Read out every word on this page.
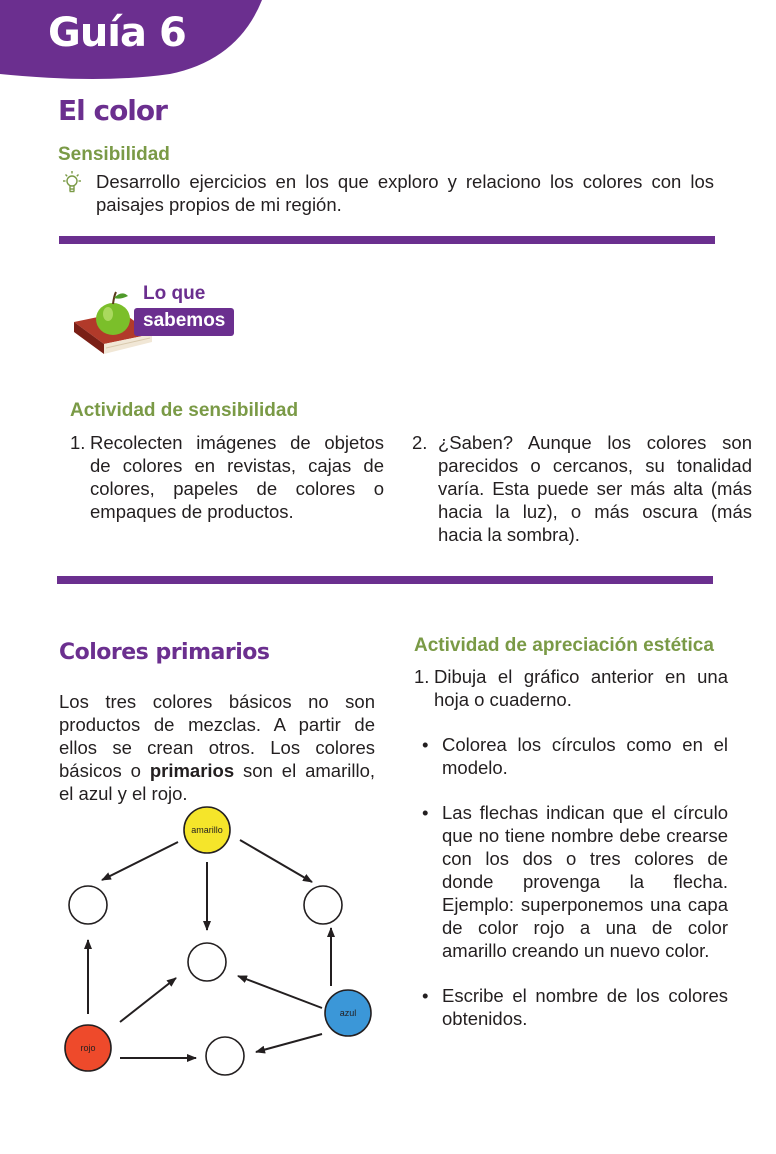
Guía 6
El color
Sensibilidad
Desarrollo ejercicios en los que exploro y relaciono los colores con los paisajes propios de mi región.
Lo que
sabemos
Actividad de sensibilidad
1. Recolecten imágenes de objetos de colores en revistas, cajas de colores, papeles de colores o empaques de productos.
2. ¿Saben? Aunque los colores son parecidos o cercanos, su tonalidad varía. Esta puede ser más alta (más hacia la luz), o más oscura (más hacia la sombra).
Colores primarios
Los tres colores básicos no son productos de mezclas. A partir de ellos se crean otros. Los colores básicos o primarios son el amarillo, el azul y el rojo.
amarillo
azul
rojo
Actividad de apreciación estética
1. Dibuja el gráfico anterior en una hoja o cuaderno.
• Colorea los círculos como en el modelo.
• Las flechas indican que el círculo que no tiene nombre debe crearse con los dos o tres colores de donde provenga la flecha. Ejemplo: superponemos una capa de color rojo a una de color amarillo creando un nuevo color.
• Escribe el nombre de los colores obtenidos.
